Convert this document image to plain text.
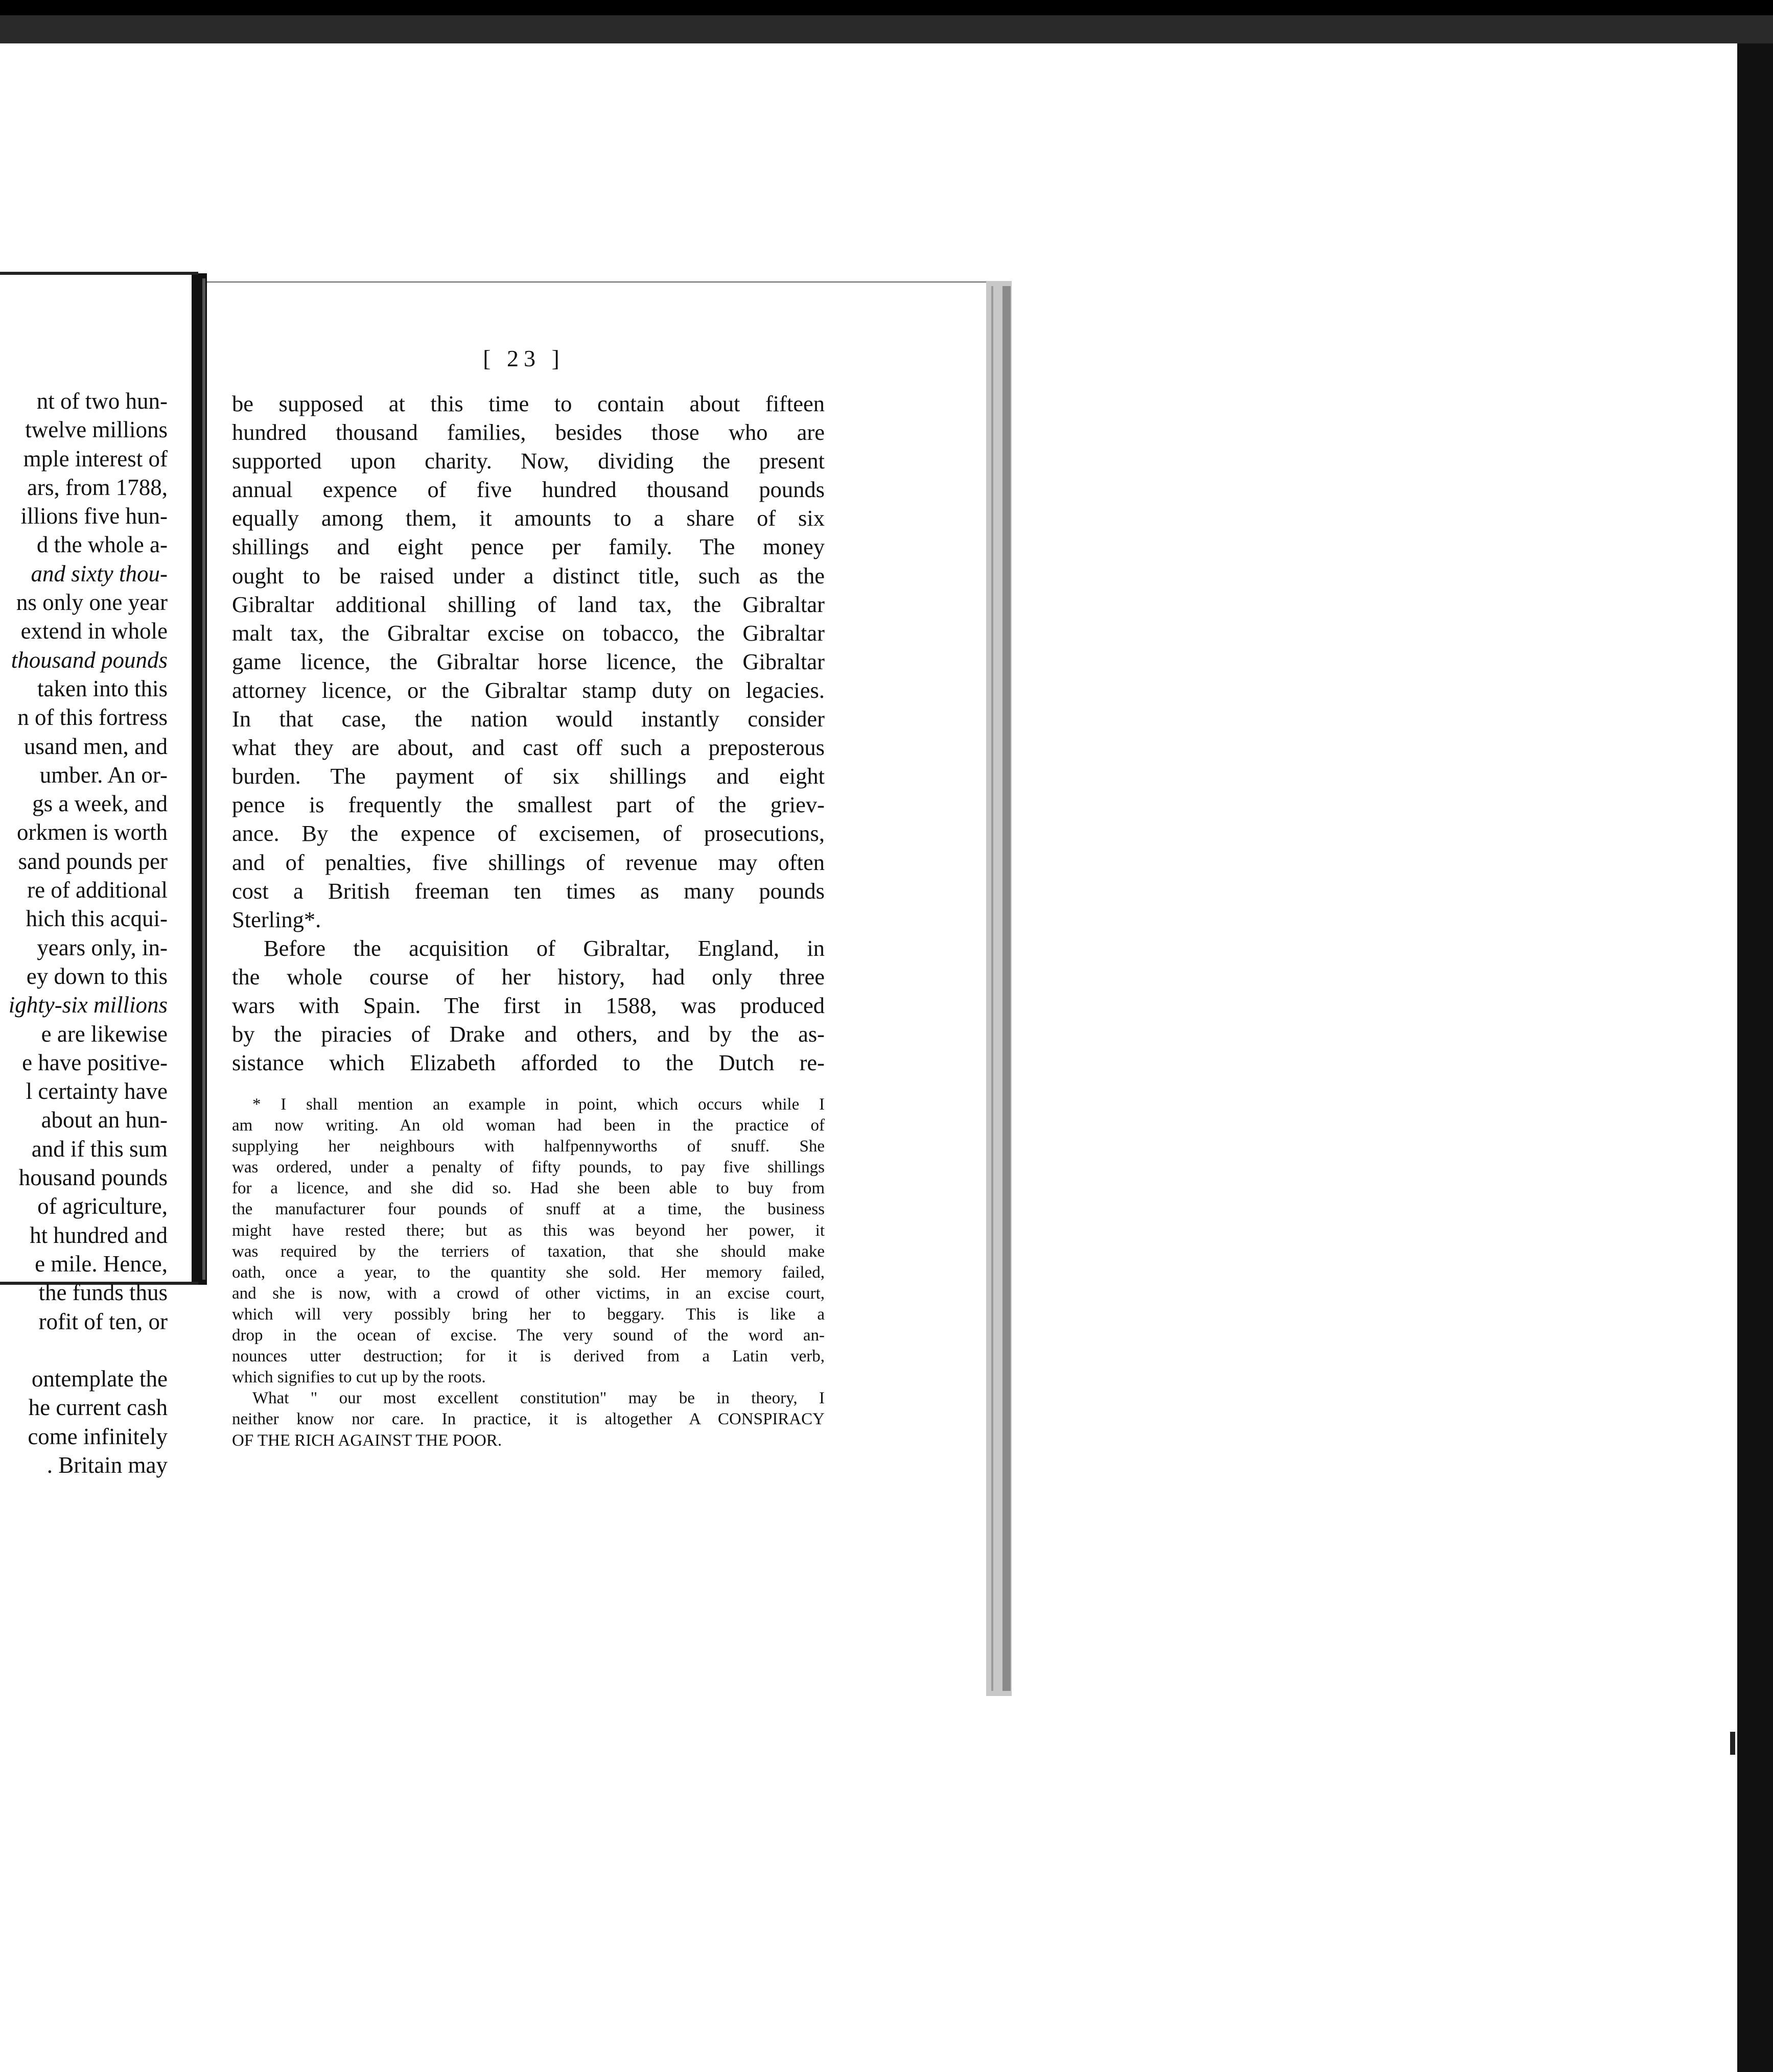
nt of two hun-
twelve millions
mple interest of
ars, from 1788,
illions five hun-
d the whole a-
and sixty thou-
ns only one year
extend in whole
thousand pounds
taken into this
n of this fortress
usand men, and
umber. An or-
gs a week, and
orkmen is worth
sand pounds per
re of additional
hich this acqui-
years only, in-
ey down to this
ighty-six millions
e are likewise
e have positive-
l certainty have
about an hun-
and if this sum
housand pounds
of agriculture,
ht hundred and
e mile. Hence,
the funds thus
rofit of ten, or
ontemplate the
he current cash
come infinitely
. Britain may
[ 23 ]
be supposed at this time to contain about fifteen
hundred thousand families, besides those who are
supported upon charity. Now, dividing the present
annual expence of five hundred thousand pounds
equally among them, it amounts to a share of six
shillings and eight pence per family. The money
ought to be raised under a distinct title, such as the
Gibraltar additional shilling of land tax, the Gibraltar
malt tax, the Gibraltar excise on tobacco, the Gibraltar
game licence, the Gibraltar horse licence, the Gibraltar
attorney licence, or the Gibraltar stamp duty on legacies.
In that case, the nation would instantly consider
what they are about, and cast off such a preposterous
burden. The payment of six shillings and eight
pence is frequently the smallest part of the griev-
ance. By the expence of excisemen, of prosecutions,
and of penalties, five shillings of revenue may often
cost a British freeman ten times as many pounds
Sterling*.
Before the acquisition of Gibraltar, England, in
the whole course of her history, had only three
wars with Spain. The first in 1588, was produced
by the piracies of Drake and others, and by the as-
sistance which Elizabeth afforded to the Dutch re-
* I shall mention an example in point, which occurs while I
am now writing. An old woman had been in the practice of
supplying her neighbours with halfpennyworths of snuff. She
was ordered, under a penalty of fifty pounds, to pay five shillings
for a licence, and she did so. Had she been able to buy from
the manufacturer four pounds of snuff at a time, the business
might have rested there; but as this was beyond her power, it
was required by the terriers of taxation, that she should make
oath, once a year, to the quantity she sold. Her memory failed,
and she is now, with a crowd of other victims, in an excise court,
which will very possibly bring her to beggary. This is like a
drop in the ocean of excise. The very sound of the word an-
nounces utter destruction; for it is derived from a Latin verb,
which signifies to cut up by the roots.
What " our most excellent constitution" may be in theory, I
neither know nor care. In practice, it is altogether A CONSPIRACY
OF THE RICH AGAINST THE POOR.
